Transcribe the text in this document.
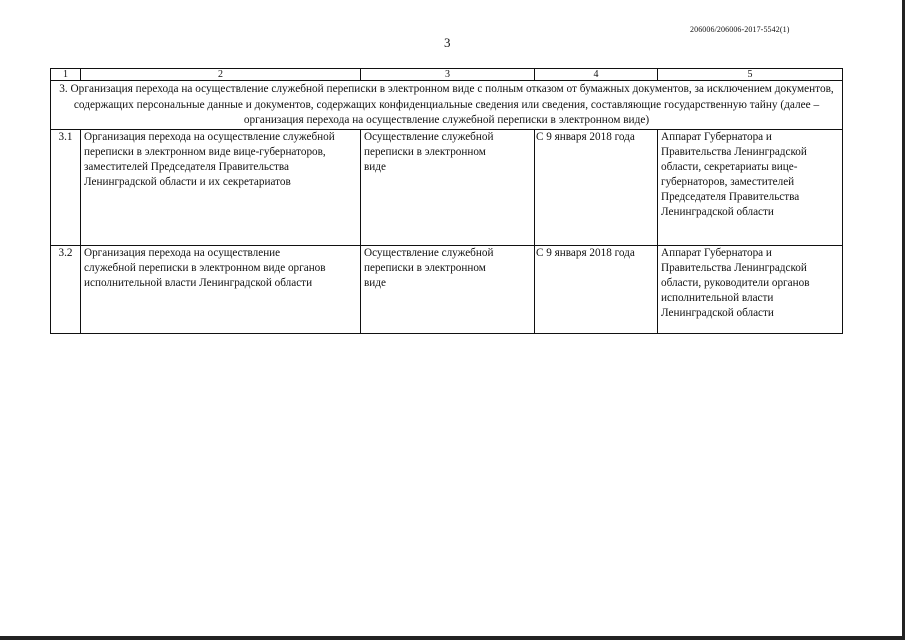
206006/206006-2017-5542(1)
3
1	2	3	4	5
3. Организация перехода на осуществление служебной переписки в электронном виде с полным отказом от бумажных документов, за исключением документов, содержащих персональные данные и документов, содержащих конфиденциальные сведения или сведения, составляющие государственную тайну (далее – организация перехода на осуществление служебной переписки в электронном виде)				
3.1	Организация перехода на осуществление служебной переписки в электронном виде вице-губернаторов, заместителей Председателя Правительства Ленинградской области и их секретариатов	Осуществление служебной переписки в электронном виде	С 9 января 2018 года	Аппарат Губернатора и Правительства Ленинградской области, секретариаты вице-губернаторов, заместителей Председателя Правительства Ленинградской области
3.2	Организация перехода на осуществление служебной переписки в электронном виде органов исполнительной власти Ленинградской области	Осуществление служебной переписки в электронном виде	С 9 января 2018 года	Аппарат Губернатора и Правительства Ленинградской области, руководители органов исполнительной власти Ленинградской области
